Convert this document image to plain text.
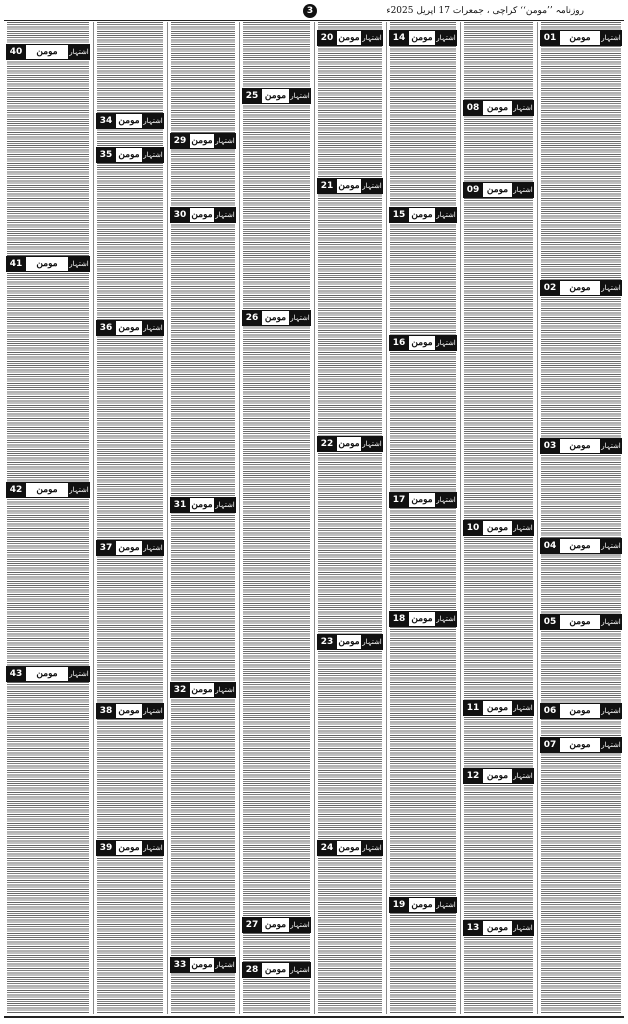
3	روزنامہ ’’مومن‘‘ کراچی ، جمعرات 17 اپریل 2025ء
01	مومن اشتہار
02	مومن اشتہار
03	مومن اشتہار
04	مومن اشتہار
05	مومن اشتہار
06	مومن اشتہار
07	مومن اشتہار
08 مومن اشتہار
09 مومن اشتہار
10 مومن اشتہار
11 مومن اشتہار
12 مومن اشتہار
13 مومن اشتہار
14 مومن اشتہار
15 مومن اشتہار
16 مومن اشتہار
17 مومن اشتہار
18 مومن اشتہار
19 مومن اشتہار
20 مومن اشتہار
21 مومن اشتہار
22 مومن اشتہار
23 مومن اشتہار
24 مومن اشتہار
25 مومن اشتہار
26 مومن اشتہار
27 مومن اشتہار
28 مومن اشتہار
29 مومن اشتہار
30 مومن اشتہار
31 مومن اشتہار
32 مومن اشتہار
33 مومن اشتہار
34 مومن اشتہار
35 مومن اشتہار
36 مومن اشتہار
37 مومن اشتہار
38 مومن اشتہار
39 مومن اشتہار
40	مومن اشتہار
41	مومن اشتہار
42	مومن اشتہار
43	مومن اشتہار
